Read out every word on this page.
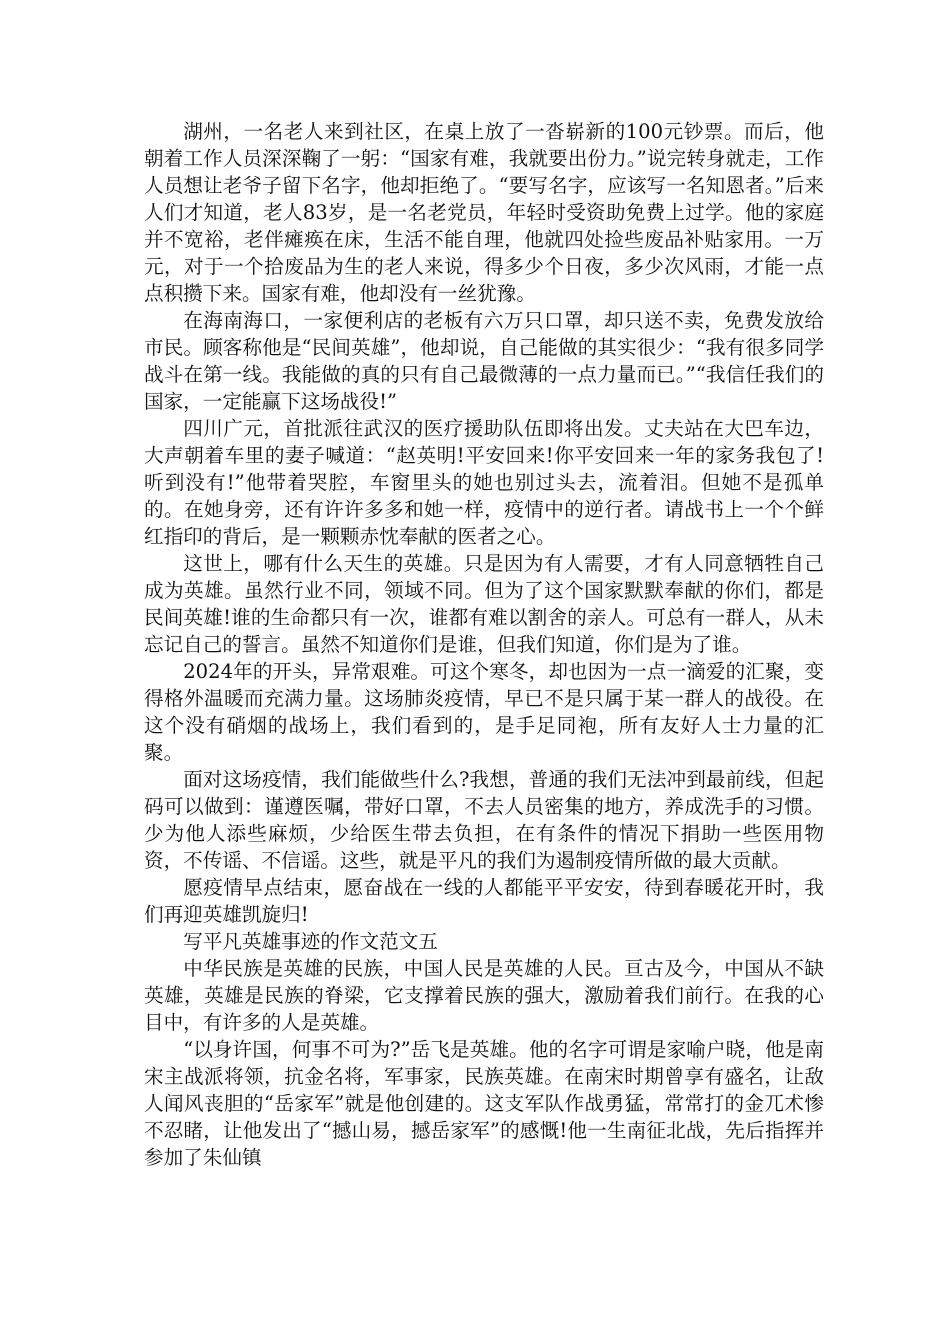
湖州，一名老人来到社区，在桌上放了一沓崭新的100元钞票。而后，他朝着工作人员深深鞠了一躬：“国家有难，我就要出份力。”说完转身就走，工作人员想让老爷子留下名字，他却拒绝了。“要写名字，应该写一名知恩者。”后来人们才知道，老人83岁，是一名老党员，年轻时受资助免费上过学。他的家庭并不宽裕，老伴瘫痪在床，生活不能自理，他就四处捡些废品补贴家用。一万元，对于一个拾废品为生的老人来说，得多少个日夜，多少次风雨，才能一点点积攒下来。国家有难，他却没有一丝犹豫。

在海南海口，一家便利店的老板有六万只口罩，却只送不卖，免费发放给市民。顾客称他是“民间英雄”，他却说，自己能做的其实很少：“我有很多同学战斗在第一线。我能做的真的只有自己最微薄的一点力量而已。”“我信任我们的国家，一定能赢下这场战役!”

四川广元，首批派往武汉的医疗援助队伍即将出发。丈夫站在大巴车边，大声朝着车里的妻子喊道：“赵英明!平安回来!你平安回来一年的家务我包了!听到没有!”他带着哭腔，车窗里头的她也别过头去，流着泪。但她不是孤单的。在她身旁，还有许许多多和她一样，疫情中的逆行者。请战书上一个个鲜红指印的背后，是一颗颗赤忱奉献的医者之心。

这世上，哪有什么天生的英雄。只是因为有人需要，才有人同意牺牲自己成为英雄。虽然行业不同，领域不同。但为了这个国家默默奉献的你们，都是民间英雄!谁的生命都只有一次，谁都有难以割舍的亲人。可总有一群人，从未忘记自己的誓言。虽然不知道你们是谁，但我们知道，你们是为了谁。

2024年的开头，异常艰难。可这个寒冬，却也因为一点一滴爱的汇聚，变得格外温暖而充满力量。这场肺炎疫情，早已不是只属于某一群人的战役。在这个没有硝烟的战场上，我们看到的，是手足同袍，所有友好人士力量的汇聚。

面对这场疫情，我们能做些什么?我想，普通的我们无法冲到最前线，但起码可以做到：谨遵医嘱，带好口罩，不去人员密集的地方，养成洗手的习惯。少为他人添些麻烦，少给医生带去负担，在有条件的情况下捐助一些医用物资，不传谣、不信谣。这些，就是平凡的我们为遏制疫情所做的最大贡献。

愿疫情早点结束，愿奋战在一线的人都能平平安安，待到春暖花开时，我们再迎英雄凯旋归!

写平凡英雄事迹的作文范文五

中华民族是英雄的民族，中国人民是英雄的人民。亘古及今，中国从不缺英雄，英雄是民族的脊梁，它支撑着民族的强大，激励着我们前行。在我的心目中，有许多的人是英雄。

“以身许国，何事不可为?”岳飞是英雄。他的名字可谓是家喻户晓，他是南宋主战派将领，抗金名将，军事家，民族英雄。在南宋时期曾享有盛名，让敌人闻风丧胆的“岳家军”就是他创建的。这支军队作战勇猛，常常打的金兀术惨不忍睹，让他发出了“撼山易，撼岳家军”的感慨!他一生南征北战，先后指挥并参加了朱仙镇
